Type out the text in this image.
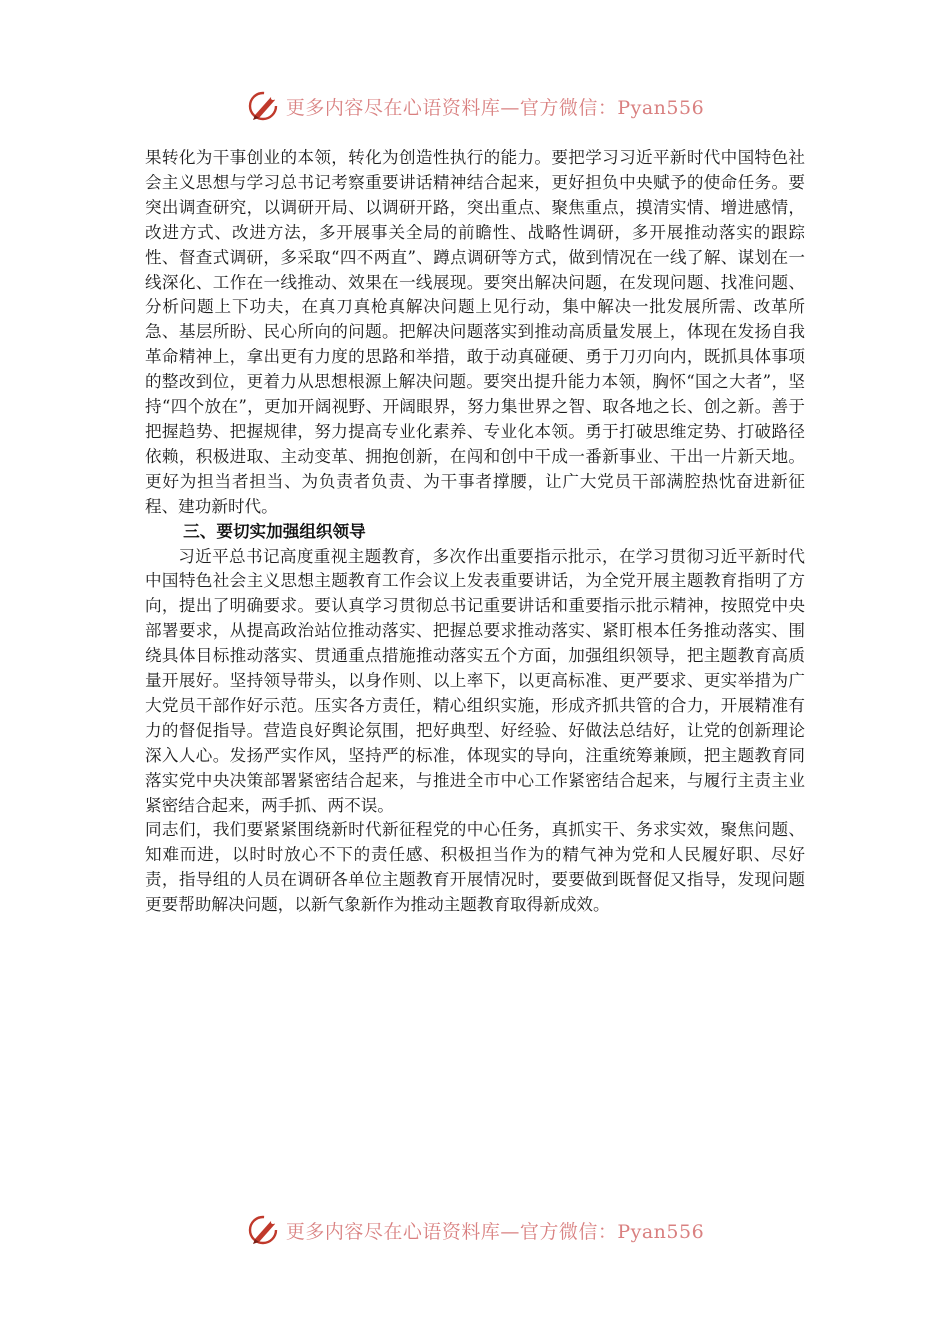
更多内容尽在心语资料库—官方微信：Pyan556

果转化为干事创业的本领，转化为创造性执行的能力。要把学习习近平新时代中国特色社会主义思想与学习总书记考察重要讲话精神结合起来，更好担负中央赋予的使命任务。要突出调查研究，以调研开局、以调研开路，突出重点、聚焦重点，摸清实情、增进感情，改进方式、改进方法，多开展事关全局的前瞻性、战略性调研，多开展推动落实的跟踪性、督查式调研，多采取“四不两直”、蹲点调研等方式，做到情况在一线了解、谋划在一线深化、工作在一线推动、效果在一线展现。要突出解决问题，在发现问题、找准问题、分析问题上下功夫，在真刀真枪真解决问题上见行动，集中解决一批发展所需、改革所急、基层所盼、民心所向的问题。把解决问题落实到推动高质量发展上，体现在发扬自我革命精神上，拿出更有力度的思路和举措，敢于动真碰硬、勇于刀刃向内，既抓具体事项的整改到位，更着力从思想根源上解决问题。要突出提升能力本领，胸怀“国之大者”，坚持“四个放在”，更加开阔视野、开阔眼界，努力集世界之智、取各地之长、创之新。善于把握趋势、把握规律，努力提高专业化素养、专业化本领。勇于打破思维定势、打破路径依赖，积极进取、主动变革、拥抱创新，在闯和创中干成一番新事业、干出一片新天地。更好为担当者担当、为负责者负责、为干事者撑腰，让广大党员干部满腔热忱奋进新征程、建功新时代。

三、要切实加强组织领导

习近平总书记高度重视主题教育，多次作出重要指示批示，在学习贯彻习近平新时代中国特色社会主义思想主题教育工作会议上发表重要讲话，为全党开展主题教育指明了方向，提出了明确要求。要认真学习贯彻总书记重要讲话和重要指示批示精神，按照党中央部署要求，从提高政治站位推动落实、把握总要求推动落实、紧盯根本任务推动落实、围绕具体目标推动落实、贯通重点措施推动落实五个方面，加强组织领导，把主题教育高质量开展好。坚持领导带头，以身作则、以上率下，以更高标准、更严要求、更实举措为广大党员干部作好示范。压实各方责任，精心组织实施，形成齐抓共管的合力，开展精准有力的督促指导。营造良好舆论氛围，把好典型、好经验、好做法总结好，让党的创新理论深入人心。发扬严实作风，坚持严的标准，体现实的导向，注重统筹兼顾，把主题教育同落实党中央决策部署紧密结合起来，与推进全市中心工作紧密结合起来，与履行主责主业紧密结合起来，两手抓、两不误。

同志们，我们要紧紧围绕新时代新征程党的中心任务，真抓实干、务求实效，聚焦问题、知难而进，以时时放心不下的责任感、积极担当作为的精气神为党和人民履好职、尽好责，指导组的人员在调研各单位主题教育开展情况时，要要做到既督促又指导，发现问题更要帮助解决问题，以新气象新作为推动主题教育取得新成效。

更多内容尽在心语资料库—官方微信：Pyan556
